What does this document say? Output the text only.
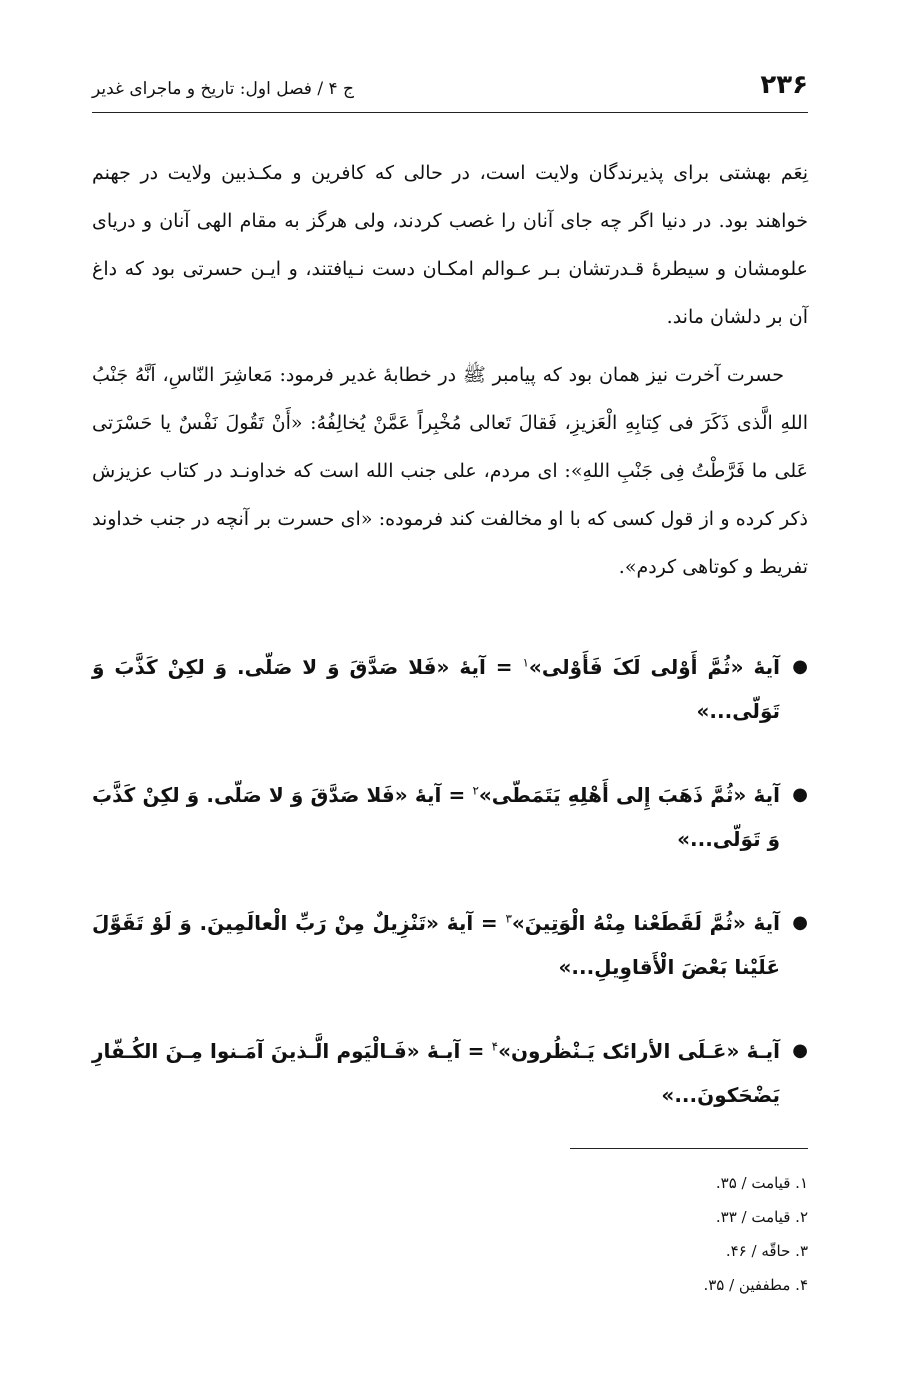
۲۳۶
ج ۴ / فصل اول: تاریخ و ماجرای غدیر

نِعَم بهشتی برای پذیرندگان ولایت است، در حالی که کافرین و مکـذبین ولایت در جهنم خواهند بود. در دنیا اگر چه جای آنان را غصب کردند، ولی هرگز به مقام الهی آنان و دریای علومشان و سیطرهٔ قـدرتشان بـر عـوالم امکـان دست نـیافتند، و ایـن حسرتی بود که داغ آن بر دلشان ماند.

حسرت آخرت نیز همان بود که پیامبر ﷺ در خطابهٔ غدیر فرمود: مَعاشِرَ النّاسِ، اَنَّهُ جَنْبُ اللهِ الَّذی ذَکَرَ فی کِتابِهِ الْعَزیزِ، فَقالَ تَعالی مُخْبِراً عَمَّنْ یُخالِفُهُ: «أَنْ تَقُولَ نَفْسٌ یا حَسْرَتی عَلی ما فَرَّطْتُ فِی جَنْبِ اللهِ»: ای مردم، علی جنب الله است که خداونـد در کتاب عزیزش ذکر کرده و از قول کسی که با او مخالفت کند فرموده: «ای حسرت بر آنچه در جنب خداوند تفریط و کوتاهی کردم».

●
آیهٔ «ثُمَّ أَوْلی لَکَ فَأَوْلی»$^۱$ = آیهٔ «فَلا صَدَّقَ وَ لا صَلّی. وَ لکِنْ کَذَّبَ وَ تَوَلّی...»
●
آیهٔ «ثُمَّ ذَهَبَ إِلی أَهْلِهِ یَتَمَطّی»$^۲$ = آیهٔ «فَلا صَدَّقَ وَ لا صَلّی. وَ لکِنْ کَذَّبَ وَ تَوَلّی...»
●
آیهٔ «ثُمَّ لَقَطَعْنا مِنْهُ الْوَتِینَ»$^۳$ = آیهٔ «تَنْزِیلٌ مِنْ رَبِّ الْعالَمِینَ. وَ لَوْ تَقَوَّلَ عَلَیْنا بَعْضَ الْأَقاوِیلِ...»
●
آیـهٔ «عَـلَی الأرائک یَـنْظُرون»$^۴$ = آیـهٔ «فَـالْیَوم الَّـذینَ آمَـنوا مِـنَ الکُـفّارِ یَضْحَکونَ...»

۱. قیامت / ۳۵.

۲. قیامت / ۳۳.

۳. حاقّه / ۴۶.

۴. مطففین / ۳۵.
